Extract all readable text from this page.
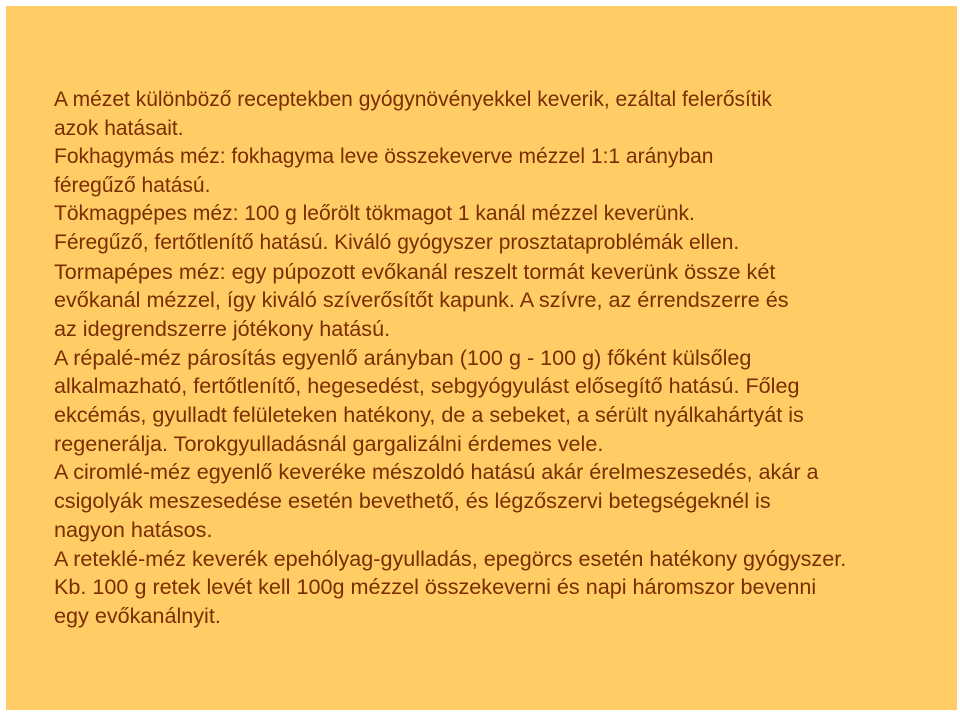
A mézet különböző receptekben gyógynövényekkel keverik, ezáltal felerősítik
azok hatásait.
Fokhagymás méz: fokhagyma leve összekeverve mézzel 1:1 arányban
féregűző hatású.
Tökmagpépes méz: 100 g leőrölt tökmagot 1 kanál mézzel keverünk.
Féregűző, fertőtlenítő hatású. Kiváló gyógyszer prosztataproblémák ellen.
Tormapépes méz: egy púpozott evőkanál reszelt tormát keverünk össze két
evőkanál mézzel, így kiváló szíverősítőt kapunk. A szívre, az érrendszerre és
az idegrendszerre jótékony hatású.
A répalé-méz párosítás egyenlő arányban (100 g - 100 g) főként külsőleg
alkalmazható, fertőtlenítő, hegesedést, sebgyógyulást elősegítő hatású. Főleg
ekcémás, gyulladt felületeken hatékony, de a sebeket, a sérült nyálkahártyát is
regenerálja. Torokgyulladásnál gargalizálni érdemes vele.
A ciromlé-méz egyenlő keveréke mészoldó hatású akár érelmeszesedés, akár a
csigolyák meszesedése esetén bevethető, és légzőszervi betegségeknél is
nagyon hatásos.
A reteklé-méz keverék epehólyag-gyulladás, epegörcs esetén hatékony gyógyszer.
Kb. 100 g retek levét kell 100g mézzel összekeverni és napi háromszor bevenni
egy evőkanálnyit.
